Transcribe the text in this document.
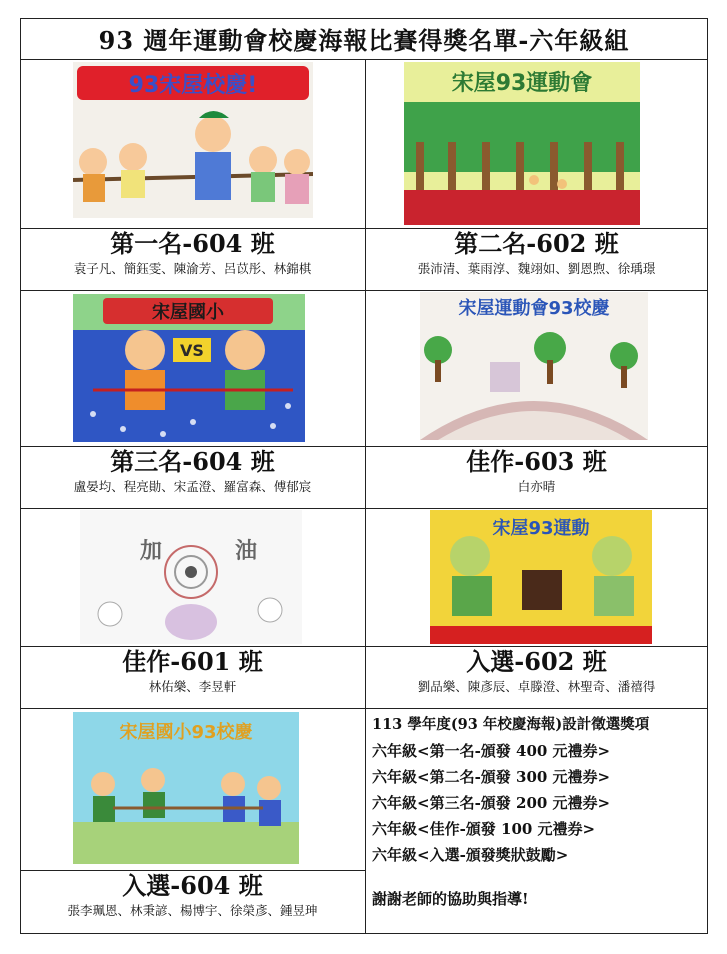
93 週年運動會校慶海報比賽得獎名單-六年級組
93宋屋校慶!	宋屋93運動會
宋屋國小
VS
宋屋運動會93校慶
加	油
宋屋93運動
宋屋國小93校慶
第一名-604 班
袁子凡、簡鈺雯、陳渝芳、呂苡彤、林錦棋
第二名-602 班
張沛清、葉雨淳、魏翊如、劉恩煦、徐瑀璟
第三名-604 班
盧晏均、程亮勛、宋孟澄、羅富森、傅郁宸
佳作-603 班
白亦晴
佳作-601 班
林佑樂、李昱軒
入選-602 班
劉品樂、陳彥辰、卓滕澄、林聖奇、潘禧得
入選-604 班
張李珮恩、林秉諺、楊博宇、徐榮彥、鍾昱珅
113 學年度(93 年校慶海報)設計徵選獎項
六年級<第一名-頒發 400 元禮券>
六年級<第二名-頒發 300 元禮券>
六年級<第三名-頒發 200 元禮券>
六年級<佳作-頒發 100 元禮券>
六年級<入選-頒發獎狀鼓勵>
謝謝老師的協助與指導!
